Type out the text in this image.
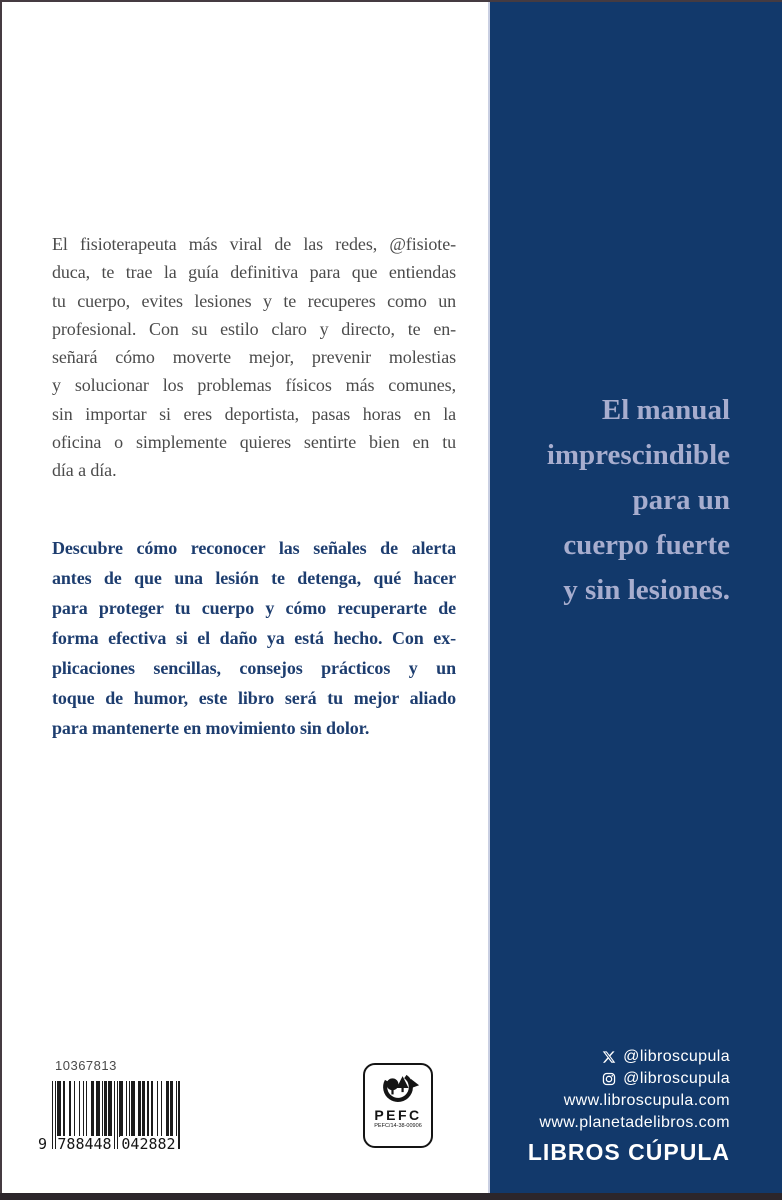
El fisioterapeuta más viral de las redes, @fisiote-
duca, te trae la guía definitiva para que entiendas
tu cuerpo, evites lesiones y te recuperes como un
profesional. Con su estilo claro y directo, te en-
señará cómo moverte mejor, prevenir molestias
y solucionar los problemas físicos más comunes,
sin importar si eres deportista, pasas horas en la
oficina o simplemente quieres sentirte bien en tu
día a día.
Descubre cómo reconocer las señales de alerta
antes de que una lesión te detenga, qué hacer
para proteger tu cuerpo y cómo recuperarte de
forma efectiva si el daño ya está hecho. Con ex-
plicaciones sencillas, consejos prácticos y un
toque de humor, este libro será tu mejor aliado
para mantenerte en movimiento sin dolor.
El manual
imprescindible
para un
cuerpo fuerte
y sin lesiones.
@libroscupula
@libroscupula
www.libroscupula.com
www.planetadelibros.com
LIBROS CÚPULA
10367813
9 788448 042882
PEFC
PEFC/14-38-00906
